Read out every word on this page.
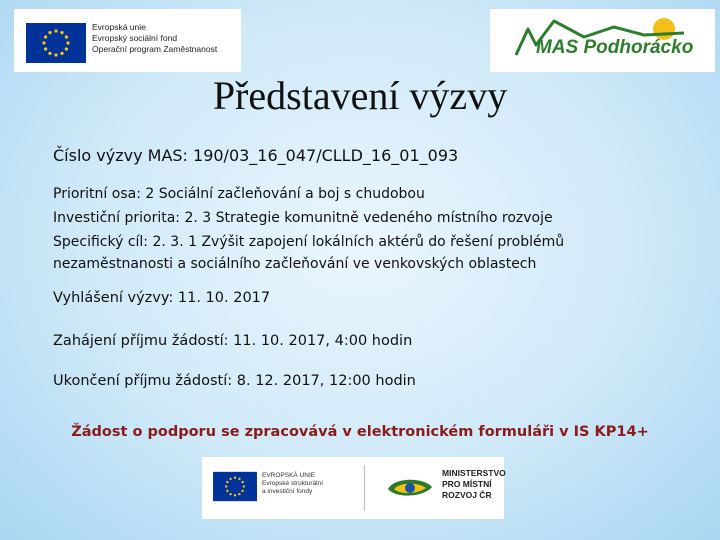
Evropská unie
Evropský sociální fond
Operační program Zaměstnanost	MAS Podhorácko
Představení výzvy
Číslo výzvy MAS: 190/03_16_047/CLLD_16_01_093
Prioritní osa: 2 Sociální začleňování a boj s chudobou
Investiční priorita: 2. 3 Strategie komunitně vedeného místního rozvoje
Specifický cíl: 2. 3. 1 Zvýšit zapojení lokálních aktérů do řešení problémů nezaměstnanosti a sociálního začleňování ve venkovských oblastech
Vyhlášení výzvy: 11. 10. 2017
Zahájení příjmu žádostí: 11. 10. 2017, 4:00 hodin
Ukončení příjmu žádostí: 8. 12. 2017, 12:00 hodin
Žádost o podporu se zpracovává v elektronickém formuláři v IS KP14+
EVROPSKÁ UNIE
Evropské strukturální
a investiční fondy
MINISTERSTVO
PRO MÍSTNÍ
ROZVOJ ČR
